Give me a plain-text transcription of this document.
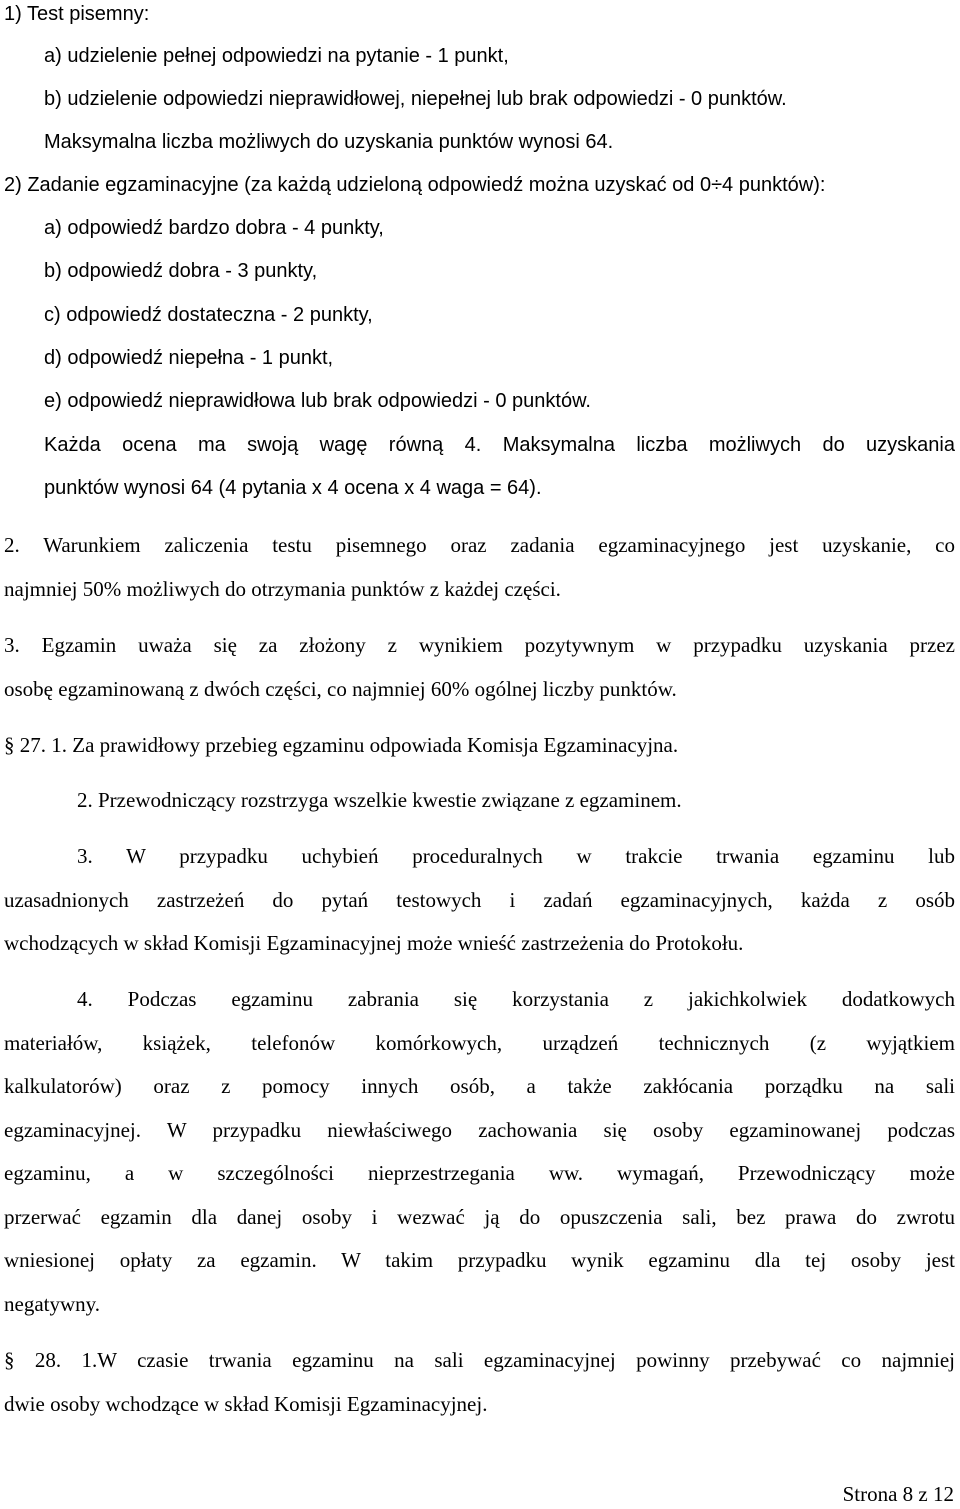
1) Test pisemny:
a) udzielenie pełnej odpowiedzi na pytanie - 1 punkt,
b) udzielenie odpowiedzi nieprawidłowej, niepełnej lub brak odpowiedzi - 0 punktów.
Maksymalna liczba możliwych do uzyskania punktów wynosi 64.
2) Zadanie egzaminacyjne (za każdą udzieloną odpowiedź można uzyskać od 0÷4 punktów):
a) odpowiedź bardzo dobra - 4 punkty,
b) odpowiedź dobra - 3 punkty,
c) odpowiedź dostateczna - 2 punkty,
d) odpowiedź niepełna - 1 punkt,
e) odpowiedź nieprawidłowa lub brak odpowiedzi - 0 punktów.
Każda ocena ma swoją wagę równą 4. Maksymalna liczba możliwych do uzyskania
punktów wynosi 64 (4 pytania x 4 ocena x 4 waga = 64).
2. Warunkiem zaliczenia testu pisemnego oraz zadania egzaminacyjnego jest uzyskanie, co
najmniej 50% możliwych do otrzymania punktów z każdej części.
3. Egzamin uważa się za złożony z wynikiem pozytywnym w przypadku uzyskania przez
osobę egzaminowaną z dwóch części, co najmniej 60% ogólnej liczby punktów.
§ 27. 1. Za prawidłowy przebieg egzaminu odpowiada Komisja Egzaminacyjna.
2. Przewodniczący rozstrzyga wszelkie kwestie związane z egzaminem.
3. W przypadku uchybień proceduralnych w trakcie trwania egzaminu lub
uzasadnionych zastrzeżeń do pytań testowych i zadań egzaminacyjnych, każda z osób
wchodzących w skład Komisji Egzaminacyjnej może wnieść zastrzeżenia do Protokołu.
4. Podczas egzaminu zabrania się korzystania z jakichkolwiek dodatkowych
materiałów, książek, telefonów komórkowych, urządzeń technicznych (z wyjątkiem
kalkulatorów) oraz z pomocy innych osób, a także zakłócania porządku na sali
egzaminacyjnej. W przypadku niewłaściwego zachowania się osoby egzaminowanej podczas
egzaminu, a w szczególności nieprzestrzegania ww. wymagań, Przewodniczący może
przerwać egzamin dla danej osoby i wezwać ją do opuszczenia sali, bez prawa do zwrotu
wniesionej opłaty za egzamin. W takim przypadku wynik egzaminu dla tej osoby jest
negatywny.
§ 28. 1.W czasie trwania egzaminu na sali egzaminacyjnej powinny przebywać co najmniej
dwie osoby wchodzące w skład Komisji Egzaminacyjnej.
Strona 8 z 12
